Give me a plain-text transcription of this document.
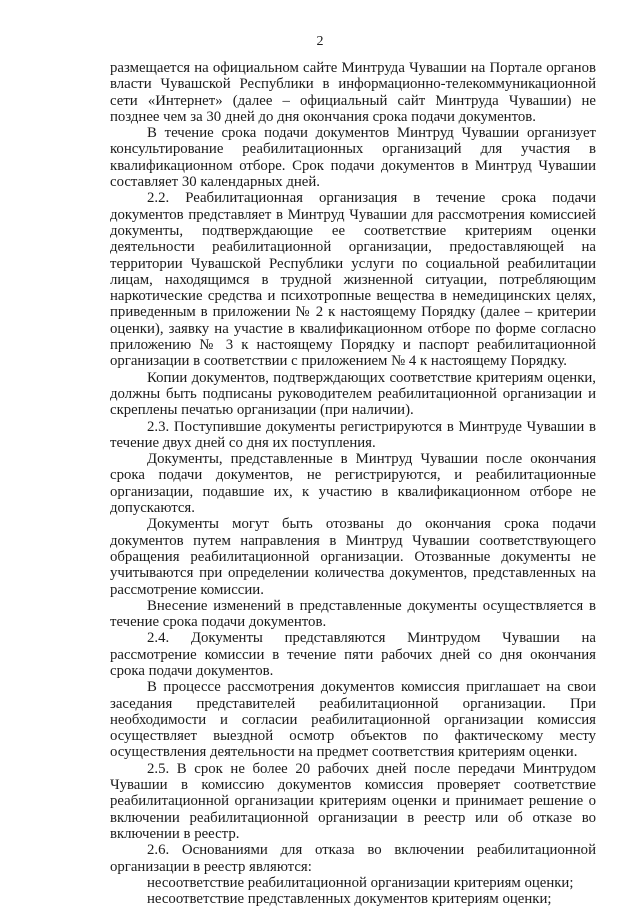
2

размещается на официальном сайте Минтруда Чувашии на Портале органов власти Чувашской Республики в информационно-телекоммуникационной сети «Интернет» (далее – официальный сайт Минтруда Чувашии) не позднее чем за 30 дней до дня окончания срока подачи документов.

В течение срока подачи документов Минтруд Чувашии организует консультирование реабилитационных организаций для участия в квалификационном отборе. Срок подачи документов в Минтруд Чувашии составляет 30 календарных дней.

2.2. Реабилитационная организация в течение срока подачи документов представляет в Минтруд Чувашии для рассмотрения комиссией документы, подтверждающие ее соответствие критериям оценки деятельности реабилитационной организации, предоставляющей на территории Чувашской Республики услуги по социальной реабилитации лицам, находящимся в трудной жизненной ситуации, потребляющим наркотические средства и психотропные вещества в немедицинских целях, приведенным в приложении № 2 к настоящему Порядку (далее – критерии оценки), заявку на участие в квалификационном отборе по форме согласно приложению № 3 к настоящему Порядку и паспорт реабилитационной организации в соответствии с приложением № 4 к настоящему Порядку.

Копии документов, подтверждающих соответствие критериям оценки, должны быть подписаны руководителем реабилитационной организации и скреплены печатью организации (при наличии).

2.3. Поступившие документы регистрируются в Минтруде Чувашии в течение двух дней со дня их поступления.

Документы, представленные в Минтруд Чувашии после окончания срока подачи документов, не регистрируются, и реабилитационные организации, подавшие их, к участию в квалификационном отборе не допускаются.

Документы могут быть отозваны до окончания срока подачи документов путем направления в Минтруд Чувашии соответствующего обращения реабилитационной организации. Отозванные документы не учитываются при определении количества документов, представленных на рассмотрение комиссии.

Внесение изменений в представленные документы осуществляется в течение срока подачи документов.

2.4. Документы представляются Минтрудом Чувашии на рассмотрение комиссии в течение пяти рабочих дней со дня окончания срока подачи документов.

В процессе рассмотрения документов комиссия приглашает на свои заседания представителей реабилитационной организации. При необходимости и согласии реабилитационной организации комиссия осуществляет выездной осмотр объектов по фактическому месту осуществления деятельности на предмет соответствия критериям оценки.

2.5. В срок не более 20 рабочих дней после передачи Минтрудом Чувашии в комиссию документов комиссия проверяет соответствие реабилитационной организации критериям оценки и принимает решение о включении реабилитационной организации в реестр или об отказе во включении в реестр.

2.6. Основаниями для отказа во включении реабилитационной организации в реестр являются:

несоответствие реабилитационной организации критериям оценки;

несоответствие представленных документов критериям оценки;
